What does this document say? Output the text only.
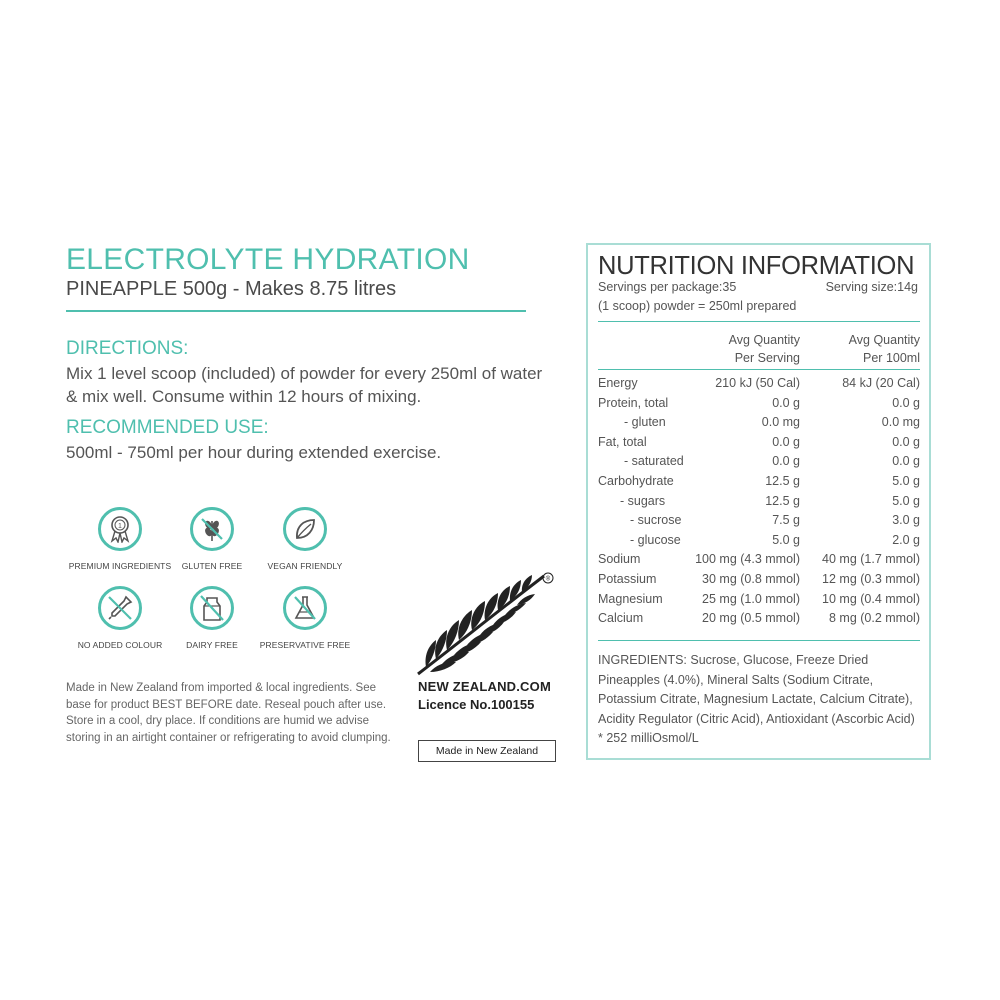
ELECTROLYTE HYDRATION
PINEAPPLE 500g - Makes 8.75 litres
DIRECTIONS:
Mix 1 level scoop (included) of powder for every 250ml of water & mix well. Consume within 12 hours of mixing.
RECOMMENDED USE:
500ml - 750ml per hour during extended exercise.
1
PREMIUM INGREDIENTS	GLUTEN FREE	VEGAN FRIENDLY
NO ADDED COLOUR	DAIRY FREE	PRESERVATIVE FREE
Made in New Zealand from imported & local ingredients. See base for product BEST BEFORE date. Reseal pouch after use. Store in a cool, dry place. If conditions are humid we advise storing in an airtight container or refrigerating to avoid clumping.
®
NEW ZEALAND.COM
Licence No.100155
Made in New Zealand
NUTRITION INFORMATION
Servings per package:35	Serving size:14g
(1 scoop) powder = 250ml prepared
Avg Quantity
Per Serving
Avg Quantity
Per 100ml
Energy	210 kJ (50 Cal)	84 kJ (20 Cal)
Protein, total	0.0 g	0.0 g
- gluten	0.0 mg	0.0 mg
Fat, total	0.0 g	0.0 g
- saturated	0.0 g	0.0 g
Carbohydrate	12.5 g	5.0 g
- sugars	12.5 g	5.0 g
- sucrose	7.5 g	3.0 g
- glucose	5.0 g	2.0 g
Sodium	100 mg (4.3 mmol) 40 mg (1.7 mmol)
Potassium	30 mg (0.8 mmol) 12 mg (0.3 mmol)
Magnesium	25 mg (1.0 mmol) 10 mg (0.4 mmol)
Calcium	20 mg (0.5 mmol) 8 mg (0.2 mmol)
INGREDIENTS: Sucrose, Glucose, Freeze Dried Pineapples (4.0%), Mineral Salts (Sodium Citrate, Potassium Citrate, Magnesium Lactate, Calcium Citrate), Acidity Regulator (Citric Acid), Antioxidant (Ascorbic Acid) * 252 milliOsmol/L
